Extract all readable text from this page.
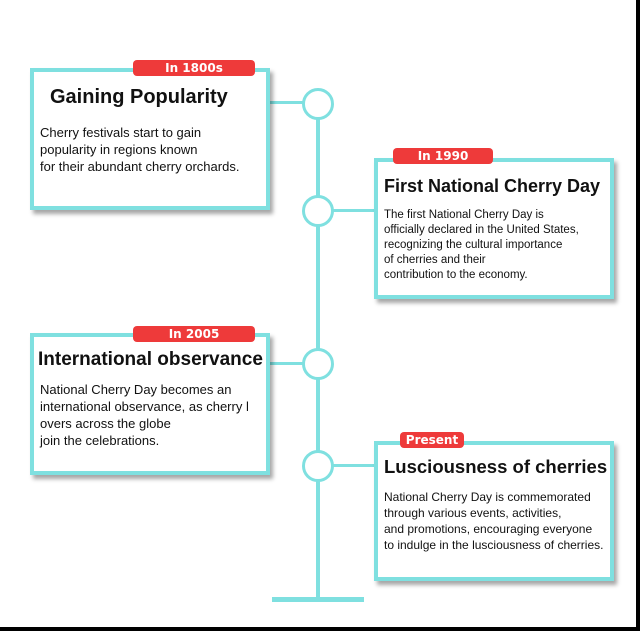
Gaining Popularity
Cherry festivals start to gain
popularity in regions known
for their abundant cherry orchards.
In 1800s
First National Cherry Day
The first National Cherry Day is
officially declared in the United States,
recognizing the cultural importance
of cherries and their
contribution to the economy.
In 1990
International observance
National Cherry Day becomes an
international observance, as cherry l
overs across the globe
join the celebrations.
In 2005
Lusciousness of cherries
National Cherry Day is commemorated
through various events, activities,
and promotions, encouraging everyone
to indulge in the lusciousness of cherries.
Present
